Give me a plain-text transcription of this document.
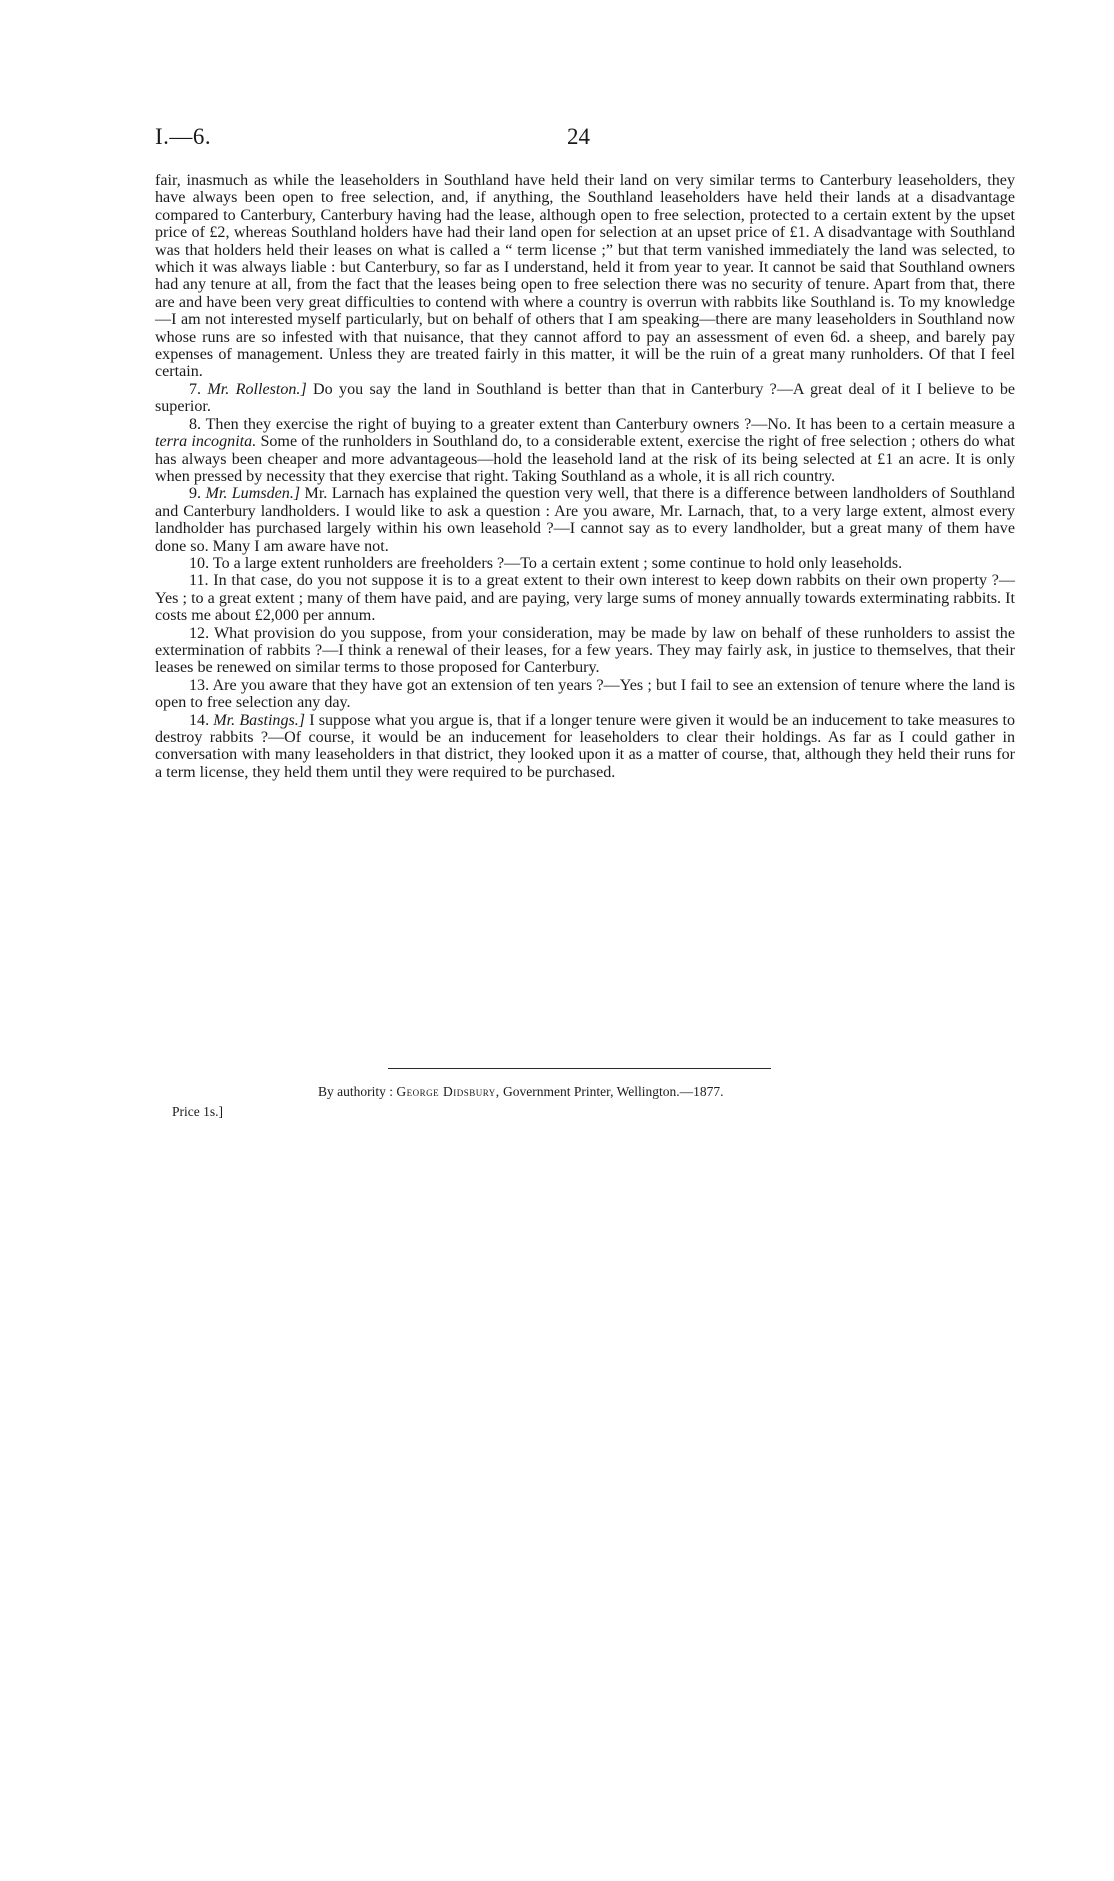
I.—6.	24

fair, inasmuch as while the leaseholders in Southland have held their land on very similar terms to Canterbury leaseholders, they have always been open to free selection, and, if anything, the Southland leaseholders have held their lands at a disadvantage compared to Canterbury, Canterbury having had the lease, although open to free selection, protected to a certain extent by the upset price of £2, whereas Southland holders have had their land open for selection at an upset price of £1. A disadvantage with Southland was that holders held their leases on what is called a “ term license ;” but that term vanished immediately the land was selected, to which it was always liable : but Canterbury, so far as I understand, held it from year to year. It cannot be said that Southland owners had any tenure at all, from the fact that the leases being open to free selection there was no security of tenure. Apart from that, there are and have been very great difficulties to contend with where a country is overrun with rabbits like Southland is. To my knowledge—I am not interested myself particularly, but on behalf of others that I am speaking—there are many leaseholders in Southland now whose runs are so infested with that nuisance, that they cannot afford to pay an assessment of even 6d. a sheep, and barely pay expenses of management. Unless they are treated fairly in this matter, it will be the ruin of a great many runholders. Of that I feel certain.

7. Mr. Rolleston.] Do you say the land in Southland is better than that in Canterbury ?—A great deal of it I believe to be superior.

8. Then they exercise the right of buying to a greater extent than Canterbury owners ?—No. It has been to a certain measure a terra incognita. Some of the runholders in Southland do, to a considerable extent, exercise the right of free selection ; others do what has always been cheaper and more advantageous—hold the leasehold land at the risk of its being selected at £1 an acre. It is only when pressed by necessity that they exercise that right. Taking Southland as a whole, it is all rich country.

9. Mr. Lumsden.] Mr. Larnach has explained the question very well, that there is a difference between landholders of Southland and Canterbury landholders. I would like to ask a question : Are you aware, Mr. Larnach, that, to a very large extent, almost every landholder has purchased largely within his own leasehold ?—I cannot say as to every landholder, but a great many of them have done so. Many I am aware have not.

10. To a large extent runholders are freeholders ?—To a certain extent ; some continue to hold only leaseholds.

11. In that case, do you not suppose it is to a great extent to their own interest to keep down rabbits on their own property ?—Yes ; to a great extent ; many of them have paid, and are paying, very large sums of money annually towards exterminating rabbits. It costs me about £2,000 per annum.

12. What provision do you suppose, from your consideration, may be made by law on behalf of these runholders to assist the extermination of rabbits ?—I think a renewal of their leases, for a few years. They may fairly ask, in justice to themselves, that their leases be renewed on similar terms to those proposed for Canterbury.

13. Are you aware that they have got an extension of ten years ?—Yes ; but I fail to see an extension of tenure where the land is open to free selection any day.

14. Mr. Bastings.] I suppose what you argue is, that if a longer tenure were given it would be an inducement to take measures to destroy rabbits ?—Of course, it would be an inducement for leaseholders to clear their holdings. As far as I could gather in conversation with many leaseholders in that district, they looked upon it as a matter of course, that, although they held their runs for a term license, they held them until they were required to be purchased.

By authority : George Didsbury, Government Printer, Wellington.—1877.
Price 1s.]
